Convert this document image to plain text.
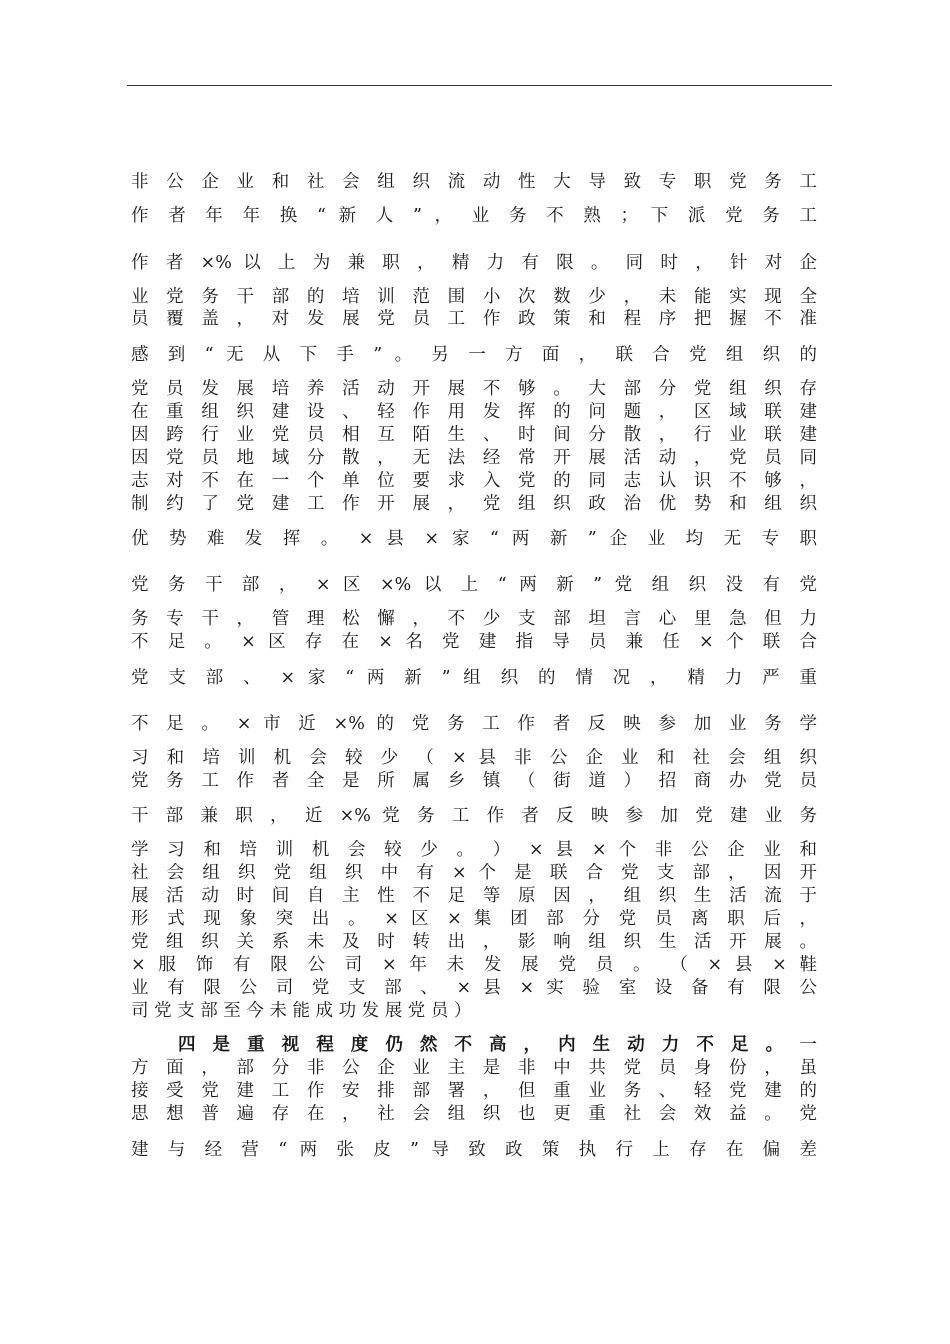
非 公 企 业 和 社 会 组 织 流 动 性 大 导 致 专 职 党 务 工
作 者 年 年 换 “ 新 人 ” ， 业 务 不 熟 ； 下 派 党 务 工
作 者 ×% 以 上 为 兼 职 ， 精 力 有 限 。 同 时 ， 针 对 企
业 党 务 干 部 的 培 训 范 围 小 次 数 少 ， 未 能 实 现 全
员 覆 盖 ， 对 发 展 党 员 工 作 政 策 和 程 序 把 握 不 准
感 到 “ 无 从 下 手 ” 。 另 一 方 面 ， 联 合 党 组 织 的
党 员 发 展 培 养 活 动 开 展 不 够 。 大 部 分 党 组 织 存
在 重 组 织 建 设 、 轻 作 用 发 挥 的 问 题 ， 区 域 联 建
因 跨 行 业 党 员 相 互 陌 生 、 时 间 分 散 ， 行 业 联 建
因 党 员 地 域 分 散 ， 无 法 经 常 开 展 活 动 ， 党 员 同
志 对 不 在 一 个 单 位 要 求 入 党 的 同 志 认 识 不 够 ，
制 约 了 党 建 工 作 开 展 ， 党 组 织 政 治 优 势 和 组 织
优 势 难 发 挥 。 × 县 × 家 “ 两 新 ” 企 业 均 无 专 职
党 务 干 部 ， × 区 ×% 以 上 “ 两 新 ” 党 组 织 没 有 党
务 专 干 ， 管 理 松 懈 ， 不 少 支 部 坦 言 心 里 急 但 力
不 足 。 × 区 存 在 × 名 党 建 指 导 员 兼 任 × 个 联 合
党 支 部 、 × 家 “ 两 新 ” 组 织 的 情 况 ， 精 力 严 重
不 足 。 × 市 近 ×% 的 党 务 工 作 者 反 映 参 加 业 务 学
习 和 培 训 机 会 较 少 （ × 县 非 公 企 业 和 社 会 组 织
党 务 工 作 者 全 是 所 属 乡 镇 （ 街 道 ） 招 商 办 党 员
干 部 兼 职 ， 近 ×% 党 务 工 作 者 反 映 参 加 党 建 业 务
学 习 和 培 训 机 会 较 少 。 ） × 县 × 个 非 公 企 业 和
社 会 组 织 党 组 织 中 有 × 个 是 联 合 党 支 部 ， 因 开
展 活 动 时 间 自 主 性 不 足 等 原 因 ， 组 织 生 活 流 于
形 式 现 象 突 出 。 × 区 × 集 团 部 分 党 员 离 职 后 ，
党 组 织 关 系 未 及 时 转 出 ， 影 响 组 织 生 活 开 展 。
× 服 饰 有 限 公 司 × 年 未 发 展 党 员 。 （ × 县 × 鞋
业 有 限 公 司 党 支 部 、 × 县 × 实 验 室 设 备 有 限 公
司 党 支 部 至 今 未 能 成 功 发 展 党 员 ）
四 是 重 视 程 度 仍 然 不 高 ， 内 生 动 力 不 足 。 一
方 面 ， 部 分 非 公 企 业 主 是 非 中 共 党 员 身 份 ， 虽
接 受 党 建 工 作 安 排 部 署 ， 但 重 业 务 、 轻 党 建 的
思 想 普 遍 存 在 ， 社 会 组 织 也 更 重 社 会 效 益 。 党
建 与 经 营 “ 两 张 皮 ” 导 致 政 策 执 行 上 存 在 偏 差
